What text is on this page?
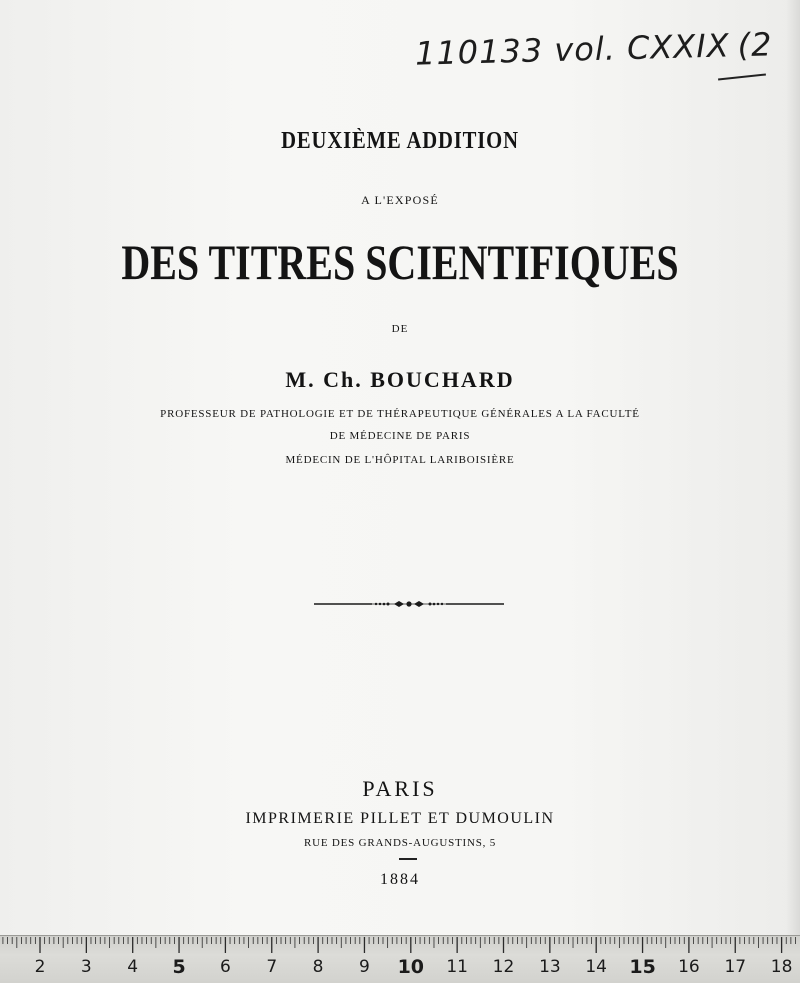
110133 vol. CXXIX (2
DEUXIÈME ADDITION
A L'EXPOSÉ
DES TITRES SCIENTIFIQUES
DE
M. Ch. BOUCHARD
PROFESSEUR DE PATHOLOGIE ET DE THÉRAPEUTIQUE GÉNÉRALES A LA FACULTÉ
DE MÉDECINE DE PARIS
MÉDECIN DE L'HÔPITAL LARIBOISIÈRE
PARIS
IMPRIMERIE PILLET ET DUMOULIN
RUE DES GRANDS-AUGUSTINS, 5
1884
2 3 4 5 6 7 8 9 10 11 12 13 14 15 16 17 18
